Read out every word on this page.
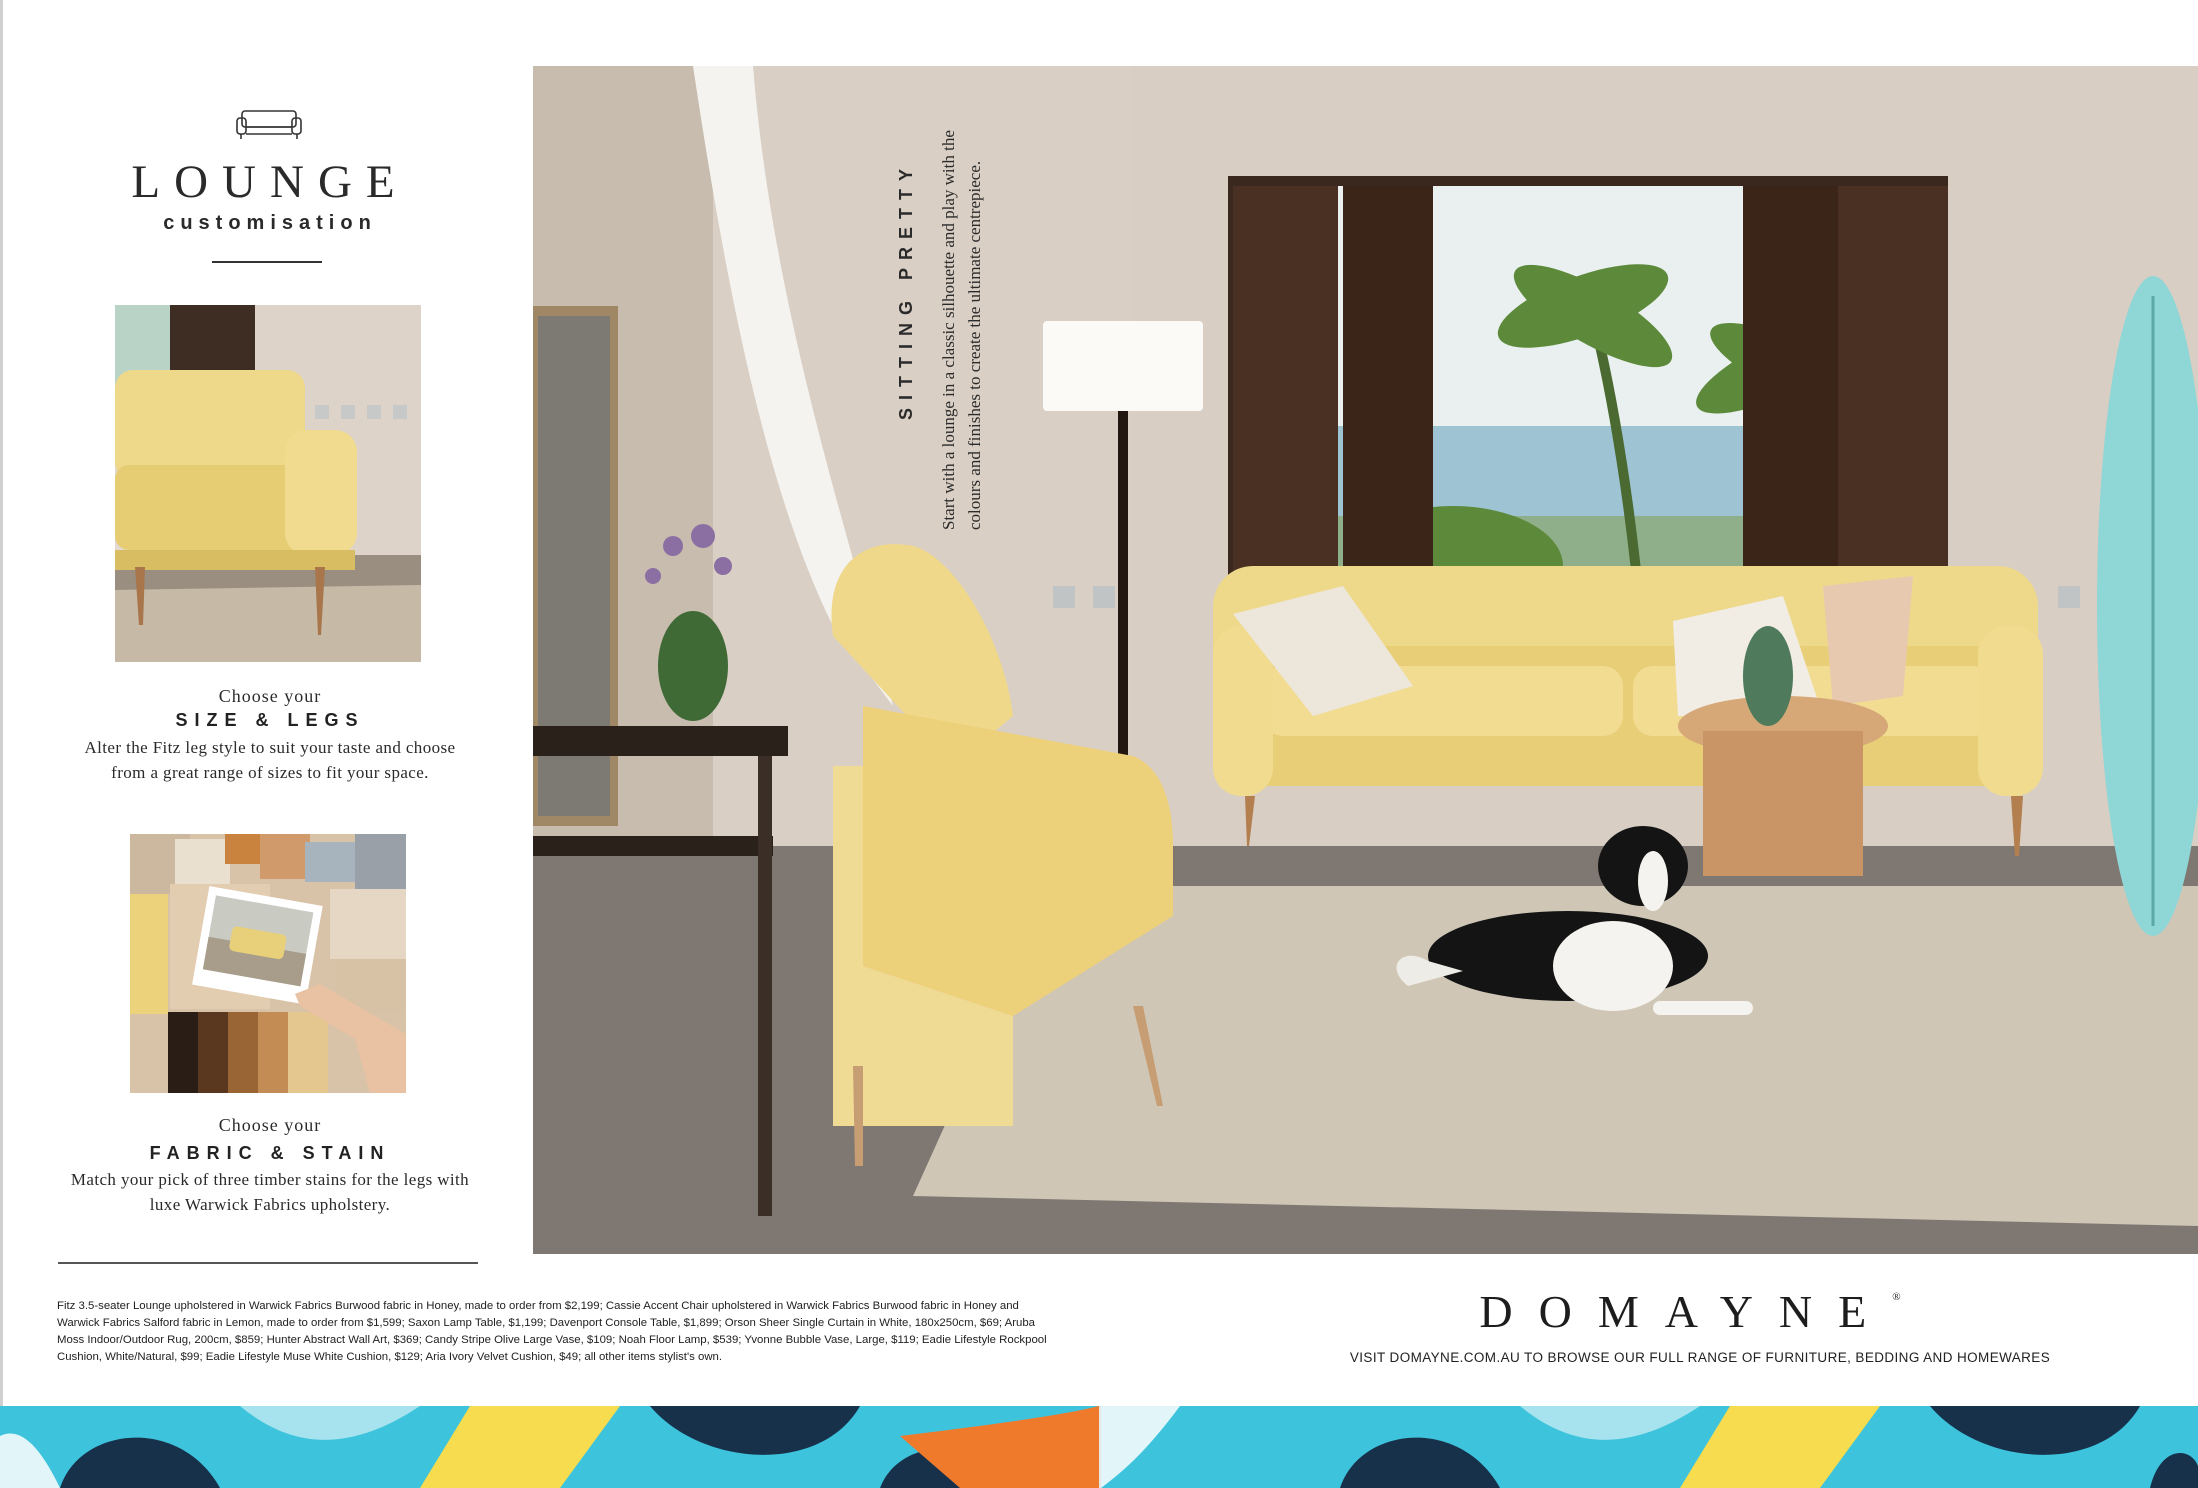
LOUNGE
customisation
Choose your
SIZE & LEGS
Alter the Fitz leg style to suit your taste and choose from a great range of sizes to fit your space.
Choose your
FABRIC & STAIN
Match your pick of three timber stains for the legs with luxe Warwick Fabrics upholstery.
SITTING PRETTY Start with a lounge in a classic silhouette and play with the colours and finishes to create the ultimate centrepiece.
Fitz 3.5-seater Lounge upholstered in Warwick Fabrics Burwood fabric in Honey, made to order from $2,199; Cassie Accent Chair upholstered in Warwick Fabrics Burwood fabric in Honey and Warwick Fabrics Salford fabric in Lemon, made to order from $1,599; Saxon Lamp Table, $1,199; Davenport Console Table, $1,899; Orson Sheer Single Curtain in White, 180x250cm, $69; Aruba Moss Indoor/Outdoor Rug, 200cm, $859; Hunter Abstract Wall Art, $369; Candy Stripe Olive Large Vase, $109; Noah Floor Lamp, $539; Yvonne Bubble Vase, Large, $119; Eadie Lifestyle Rockpool Cushion, White/Natural, $99; Eadie Lifestyle Muse White Cushion, $129; Aria Ivory Velvet Cushion, $49; all other items stylist's own.
DOMAYNE®
VISIT DOMAYNE.COM.AU TO BROWSE OUR FULL RANGE OF FURNITURE, BEDDING AND HOMEWARES
